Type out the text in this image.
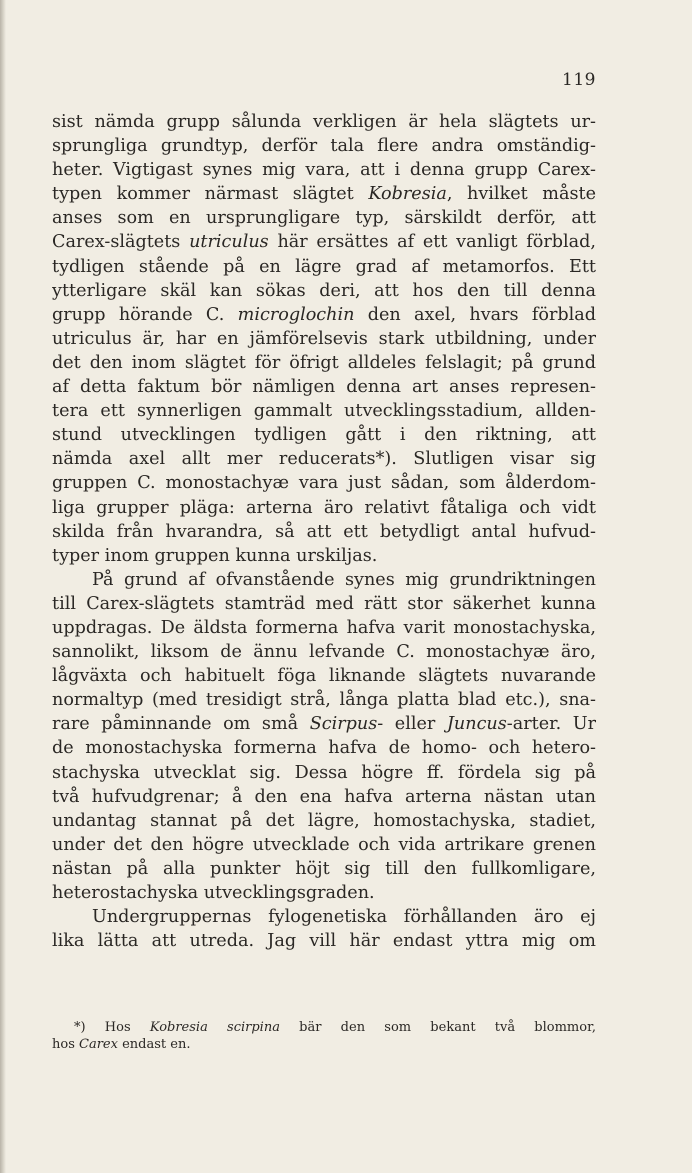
119
sist nämda grupp sålunda verkligen är hela slägtets ur-
sprungliga grundtyp, derför tala flere andra omständig-
heter. Vigtigast synes mig vara, att i denna grupp Carex-
typen kommer närmast slägtet Kobresia, hvilket måste
anses som en ursprungligare typ, särskildt derför, att
Carex-slägtets utriculus här ersättes af ett vanligt förblad,
tydligen stående på en lägre grad af metamorfos. Ett
ytterligare skäl kan sökas deri, att hos den till denna
grupp hörande C. microglochin den axel, hvars förblad
utriculus är, har en jämförelsevis stark utbildning, under
det den inom slägtet för öfrigt alldeles felslagit; på grund
af detta faktum bör nämligen denna art anses represen-
tera ett synnerligen gammalt utvecklingsstadium, allden-
stund utvecklingen tydligen gått i den riktning, att
nämda axel allt mer reducerats*). Slutligen visar sig
gruppen C. monostachyæ vara just sådan, som ålderdom-
liga grupper pläga: arterna äro relativt fåtaliga och vidt
skilda från hvarandra, så att ett betydligt antal hufvud-
typer inom gruppen kunna urskiljas.
På grund af ofvanstående synes mig grundriktningen
till Carex-slägtets stamträd med rätt stor säkerhet kunna
uppdragas. De äldsta formerna hafva varit monostachyska,
sannolikt, liksom de ännu lefvande C. monostachyæ äro,
lågväxta och habituelt föga liknande slägtets nuvarande
normaltyp (med tresidigt strå, långa platta blad etc.), sna-
rare påminnande om små Scirpus- eller Juncus-arter. Ur
de monostachyska formerna hafva de homo- och hetero-
stachyska utvecklat sig. Dessa högre ff. fördela sig på
två hufvudgrenar; å den ena hafva arterna nästan utan
undantag stannat på det lägre, homostachyska, stadiet,
under det den högre utvecklade och vida artrikare grenen
nästan på alla punkter höjt sig till den fullkomligare,
heterostachyska utvecklingsgraden.
Undergruppernas fylogenetiska förhållanden äro ej
lika lätta att utreda. Jag vill här endast yttra mig om
*) Hos Kobresia scirpina bär den som bekant två blommor,
hos Carex endast en.
